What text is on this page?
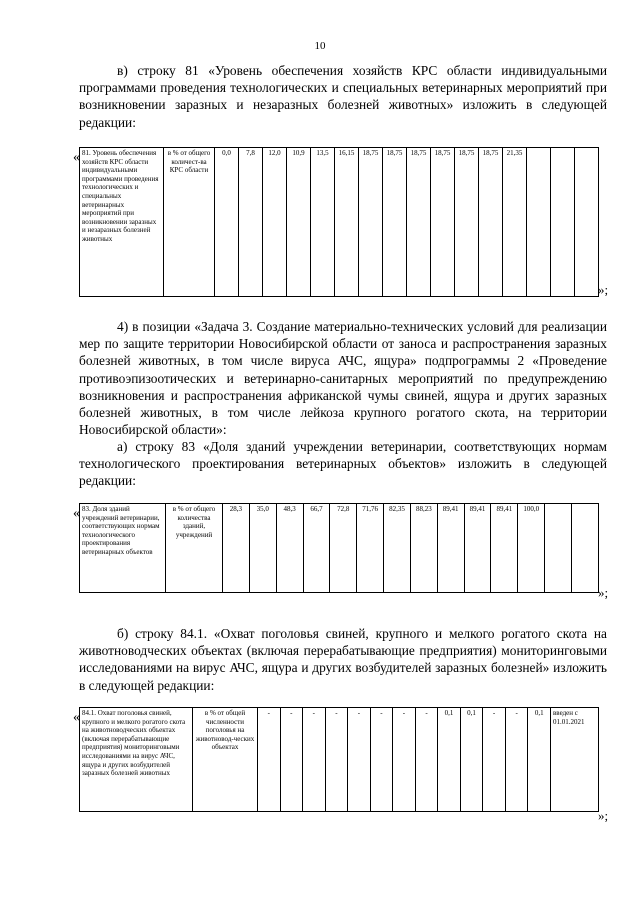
10

в) строку 81 «Уровень обеспечения хозяйств КРС области индивидуальными программами проведения технологических и специальных ветеринарных мероприятий при возникновении заразных и незаразных болезней животных» изложить в следующей редакции:

« 81. Уровень обеспечения хозяйств КРС области индивидуальными программами проведения технологических и специальных ветеринарных мероприятий при возникновении заразных и незаразных болезней животных	в % от общего количест-ва КРС области	0,0	7,8	12,0	10,9	13,5	16,15	18,75	18,75	18,75	18,75	18,75	18,75	21,35			
»;

4) в позиции «Задача 3. Создание материально-технических условий для реализации мер по защите территории Новосибирской области от заноса и распространения заразных болезней животных, в том числе вируса АЧС, ящура» подпрограммы 2 «Проведение противоэпизоотических и ветеринарно-санитарных мероприятий по предупреждению возникновения и распространения африканской чумы свиней, ящура и других заразных болезней животных, в том числе лейкоза крупного рогатого скота, на территории Новосибирской области»:

а) строку 83 «Доля зданий учреждении ветеринарии, соответствующих нормам технологического проектирования ветеринарных объектов» изложить в следующей редакции:

« 83. Доля зданий учреждений ветеринарии, соответствующих нормам технологического проектирования ветеринарных объектов	в % от общего количества зданий, учреждений	28,3	35,0	48,3	66,7	72,8	71,76	82,35	88,23	89,41	89,41	89,41	100,0		
»;

б) строку 84.1. «Охват поголовья свиней, крупного и мелкого рогатого скота на животноводческих объектах (включая перерабатывающие предприятия) мониторинговыми исследованиями на вирус АЧС, ящура и других возбудителей заразных болезней» изложить в следующей редакции:

« 84.1. Охват поголовья свиней, крупного и мелкого рогатого скота на животноводческих объектах (включая перерабатывающие предприятия) мониторинговыми исследованиями на вирус АЧС, ящура и других возбудителей заразных болезней животных	в % от общей численности поголовья на животновод-ческих объектах	-	-	-	-	-	-	-	-	0,1	0,1	-	-	0,1	введен с 01.01.2021
»;
